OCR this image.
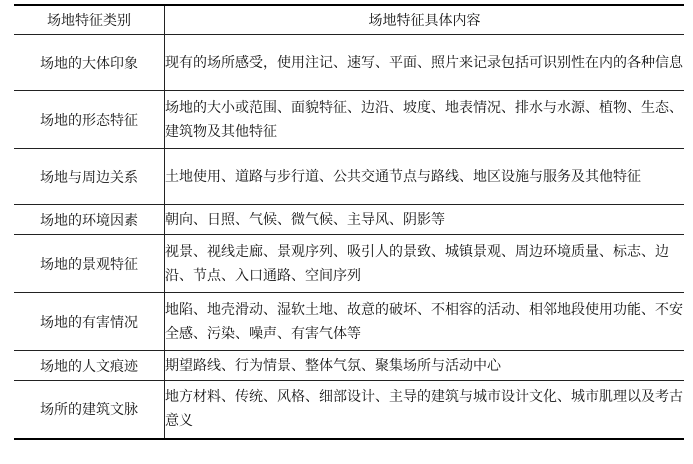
场地特征类别	场地特征具体内容
场地的大体印象	现有的场所感受，使用注记、速写、平面、照片来记录包括可识别性在内的各种信息
场地的形态特征	场地的大小或范围、面貌特征、边沿、坡度、地表情况、排水与水源、植物、生态、建筑物及其他特征
场地与周边关系	土地使用、道路与步行道、公共交通节点与路线、地区设施与服务及其他特征
场地的环境因素	朝向、日照、气候、微气候、主导风、阴影等
场地的景观特征	视景、视线走廊、景观序列、吸引人的景致、城镇景观、周边环境质量、标志、边沿、节点、入口通路、空间序列
场地的有害情况	地陷、地壳滑动、湿软土地、故意的破坏、不相容的活动、相邻地段使用功能、不安全感、污染、噪声、有害气体等
场地的人文痕迹	期望路线、行为情景、整体气氛、聚集场所与活动中心
场所的建筑文脉	地方材料、传统、风格、细部设计、主导的建筑与城市设计文化、城市肌理以及考古意义
